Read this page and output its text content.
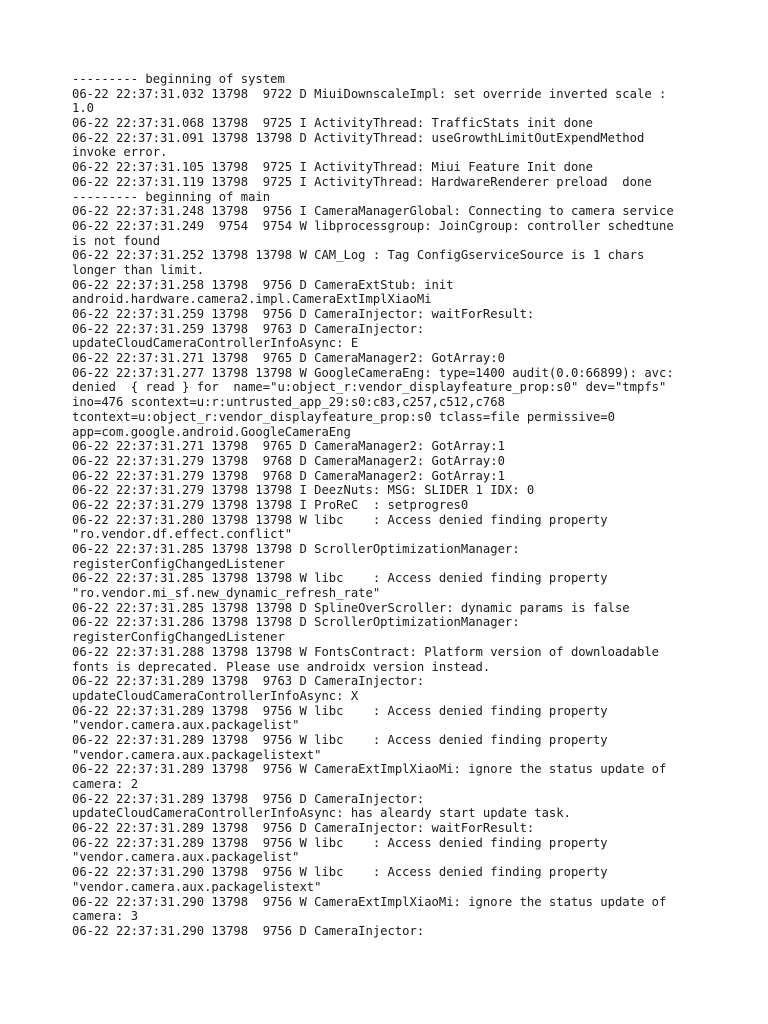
--------- beginning of system
06-22 22:37:31.032 13798  9722 D MiuiDownscaleImpl: set override inverted scale :
1.0
06-22 22:37:31.068 13798  9725 I ActivityThread: TrafficStats init done
06-22 22:37:31.091 13798 13798 D ActivityThread: useGrowthLimitOutExpendMethod
invoke error.
06-22 22:37:31.105 13798  9725 I ActivityThread: Miui Feature Init done
06-22 22:37:31.119 13798  9725 I ActivityThread: HardwareRenderer preload  done
--------- beginning of main
06-22 22:37:31.248 13798  9756 I CameraManagerGlobal: Connecting to camera service
06-22 22:37:31.249  9754  9754 W libprocessgroup: JoinCgroup: controller schedtune
is not found
06-22 22:37:31.252 13798 13798 W CAM_Log : Tag ConfigGserviceSource is 1 chars
longer than limit.
06-22 22:37:31.258 13798  9756 D CameraExtStub: init
android.hardware.camera2.impl.CameraExtImplXiaoMi
06-22 22:37:31.259 13798  9756 D CameraInjector: waitForResult:
06-22 22:37:31.259 13798  9763 D CameraInjector:
updateCloudCameraControllerInfoAsync: E
06-22 22:37:31.271 13798  9765 D CameraManager2: GotArray:0
06-22 22:37:31.277 13798 13798 W GoogleCameraEng: type=1400 audit(0.0:66899): avc:
denied  { read } for  name="u:object_r:vendor_displayfeature_prop:s0" dev="tmpfs"
ino=476 scontext=u:r:untrusted_app_29:s0:c83,c257,c512,c768
tcontext=u:object_r:vendor_displayfeature_prop:s0 tclass=file permissive=0
app=com.google.android.GoogleCameraEng
06-22 22:37:31.271 13798  9765 D CameraManager2: GotArray:1
06-22 22:37:31.279 13798  9768 D CameraManager2: GotArray:0
06-22 22:37:31.279 13798  9768 D CameraManager2: GotArray:1
06-22 22:37:31.279 13798 13798 I DeezNuts: MSG: SLIDER 1 IDX: 0
06-22 22:37:31.279 13798 13798 I ProReC  : setprogres0
06-22 22:37:31.280 13798 13798 W libc    : Access denied finding property
"ro.vendor.df.effect.conflict"
06-22 22:37:31.285 13798 13798 D ScrollerOptimizationManager:
registerConfigChangedListener
06-22 22:37:31.285 13798 13798 W libc    : Access denied finding property
"ro.vendor.mi_sf.new_dynamic_refresh_rate"
06-22 22:37:31.285 13798 13798 D SplineOverScroller: dynamic params is false
06-22 22:37:31.286 13798 13798 D ScrollerOptimizationManager:
registerConfigChangedListener
06-22 22:37:31.288 13798 13798 W FontsContract: Platform version of downloadable
fonts is deprecated. Please use androidx version instead.
06-22 22:37:31.289 13798  9763 D CameraInjector:
updateCloudCameraControllerInfoAsync: X
06-22 22:37:31.289 13798  9756 W libc    : Access denied finding property
"vendor.camera.aux.packagelist"
06-22 22:37:31.289 13798  9756 W libc    : Access denied finding property
"vendor.camera.aux.packagelistext"
06-22 22:37:31.289 13798  9756 W CameraExtImplXiaoMi: ignore the status update of
camera: 2
06-22 22:37:31.289 13798  9756 D CameraInjector:
updateCloudCameraControllerInfoAsync: has aleardy start update task.
06-22 22:37:31.289 13798  9756 D CameraInjector: waitForResult:
06-22 22:37:31.289 13798  9756 W libc    : Access denied finding property
"vendor.camera.aux.packagelist"
06-22 22:37:31.290 13798  9756 W libc    : Access denied finding property
"vendor.camera.aux.packagelistext"
06-22 22:37:31.290 13798  9756 W CameraExtImplXiaoMi: ignore the status update of
camera: 3
06-22 22:37:31.290 13798  9756 D CameraInjector:
